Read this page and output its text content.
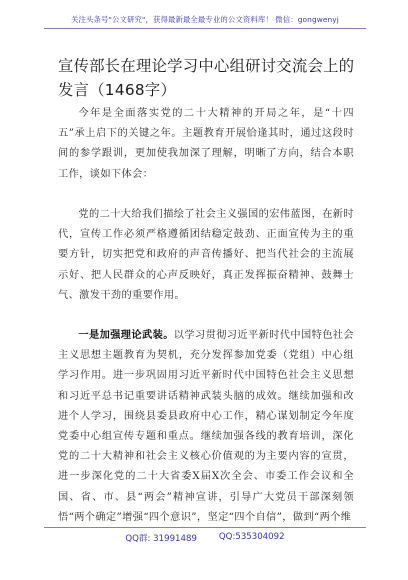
关注头条号"公文研究"，获得最新最全最专业的公文资料库！ 微信：gongwenyj
宣传部长在理论学习中心组研讨交流会上的发言（1468字）
今年是全面落实党的二十大精神的开局之年，是“十四五”承上启下的关键之年。主题教育开展恰逢其时，通过这段时间的参学跟训，更加使我加深了理解，明晰了方向，结合本职工作，谈如下体会：
党的二十大给我们描绘了社会主义强国的宏伟蓝图，在新时代，宣传工作必须严格遵循团结稳定鼓劲、正面宣传为主的重要方针，切实把党和政府的声音传播好、把当代社会的主流展示好、把人民群众的心声反映好，真正发挥振奋精神、鼓舞士气、激发干劲的重要作用。
一是加强理论武装。以学习贯彻习近平新时代中国特色社会主义思想主题教育为契机，充分发挥参加党委（党组）中心组学习作用。进一步巩固用习近平新时代中国特色社会主义思想和习近平总书记重要讲话精神武装头脑的成效。继续加强和改进个人学习，围绕县委县政府中心工作，精心谋划制定今年度党委中心组宣传专题和重点。继续加强各线的教育培训，深化党的二十大精神和社会主义核心价值观的为主要内容的宣贯，进一步深化党的二十大省委X届X次全会、市委工作会议和全国、省、市、县“两会”精神宣讲，引导广大党员干部深刻领悟“两个确定”增强“四个意识”，坚定“四个自信”，做到“两个维
QQ群: 31991489	QQ:535304092
